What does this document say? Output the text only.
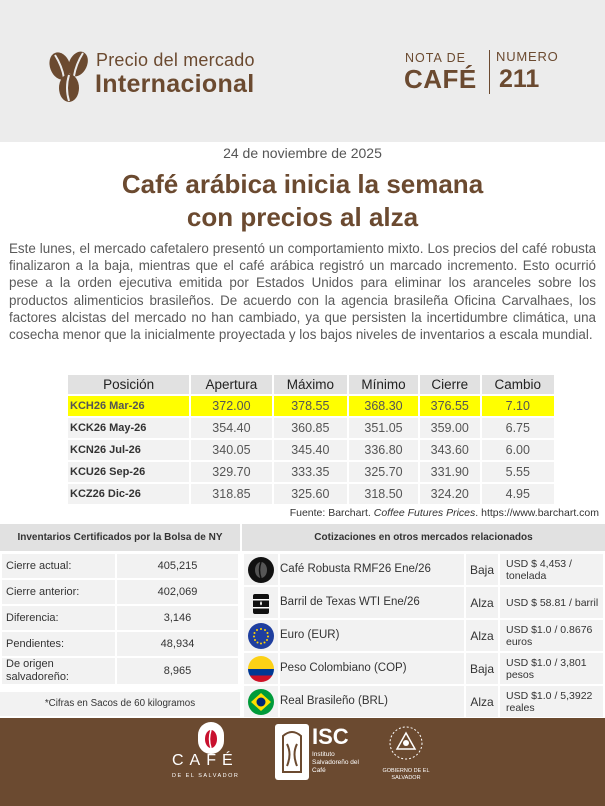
Precio del mercado
Internacional
NOTA DE
CAFÉ
NUMERO
211
24 de noviembre de 2025
Café arábica inicia la semana
con precios al alza

Este lunes, el mercado cafetalero presentó un comportamiento mixto. Los precios del café robusta finalizaron a la baja, mientras que el café arábica registró un marcado incremento. Esto ocurrió pese a la orden ejecutiva emitida por Estados Unidos para eliminar los aranceles sobre los productos alimenticios brasileños. De acuerdo con la agencia brasileña Oficina Carvalhaes, los factores alcistas del mercado no han cambiado, ya que persisten la incertidumbre climática, una cosecha menor que la inicialmente proyectada y los bajos niveles de inventarios a escala mundial.

Posición	Apertura	Máximo	Mínimo	Cierre	Cambio
KCH26 Mar-26	372.00	378.55	368.30	376.55	7.10
KCK26 May-26	354.40	360.85	351.05	359.00	6.75
KCN26 Jul-26	340.05	345.40	336.80	343.60	6.00
KCU26 Sep-26	329.70	333.35	325.70	331.90	5.55
KCZ26 Dic-26	318.85	325.60	318.50	324.20	4.95
Fuente: Barchart. Coffee Futures Prices. https://www.barchart.com
Inventarios Certificados por la Bolsa de NY
Cierre actual:	405,215
Cierre anterior:	402,069
Diferencia:	3,146
Pendientes:	48,934
De origen salvadoreño:	8,965
*Cifras en Sacos de 60 kilogramos
Cotizaciones en otros mercados relacionados
	Café Robusta RMF26 Ene/26	Baja	USD $ 4,453 / tonelada
	Barril de Texas WTI Ene/26	Alza	USD $ 58.81 / barril
	Euro (EUR)	Alza	USD $1.0 / 0.8676 euros
	Peso Colombiano (COP)	Baja	USD $1.0 / 3,801 pesos
	Real Brasileño (BRL)	Alza	USD $1.0 / 5,3922 reales
CAFÉ
DE EL SALVADOR
ISC
Instituto Salvadoreño del Café	GOBIERNO DE EL SALVADOR
